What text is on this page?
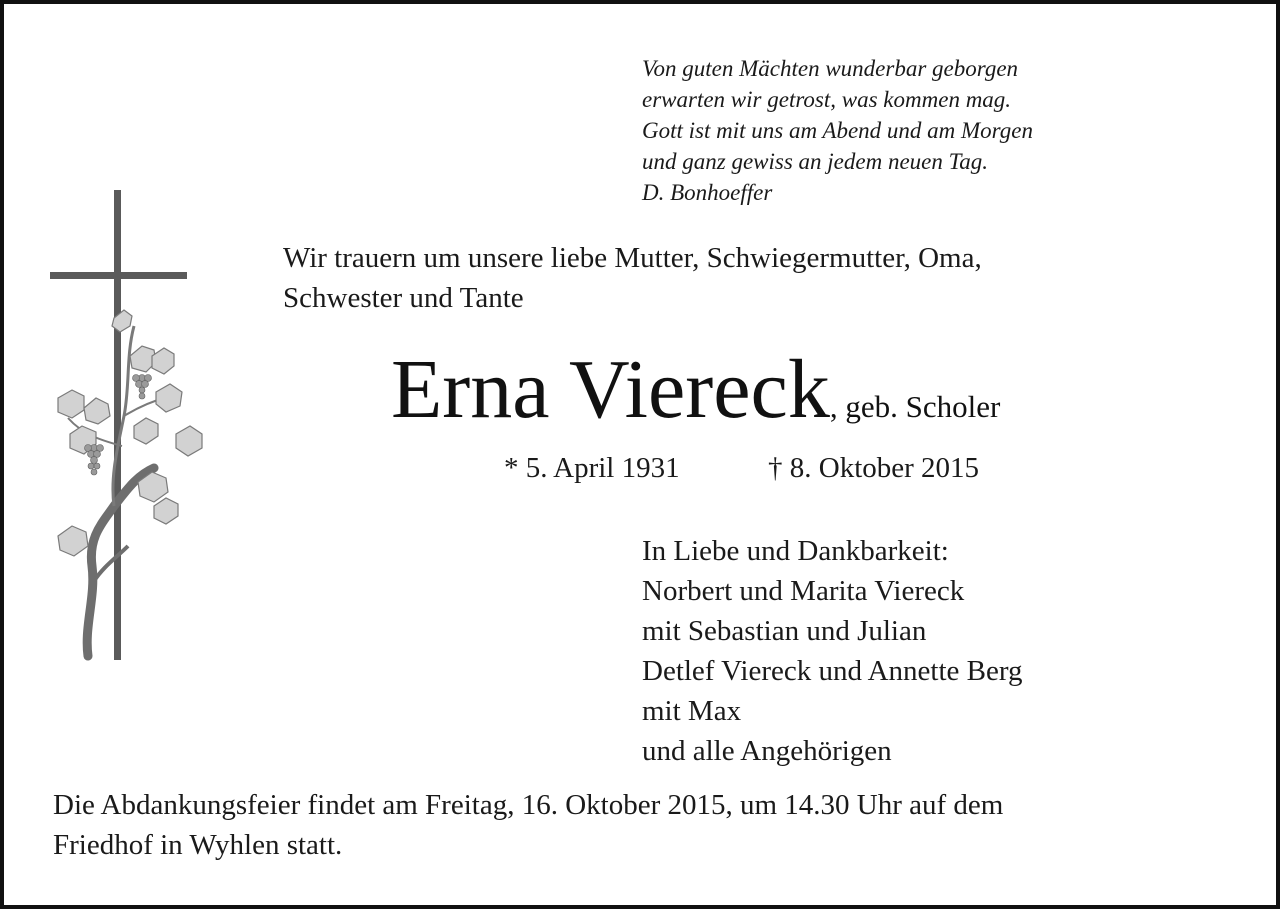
Von guten Mächten wunderbar geborgen
erwarten wir getrost, was kommen mag.
Gott ist mit uns am Abend und am Morgen
und ganz gewiss an jedem neuen Tag.
D. Bonhoeffer
Wir trauern um unsere liebe Mutter, Schwiegermutter, Oma,
Schwester und Tante
Erna Viereck, geb. Scholer
* 5. April 1931	† 8. Oktober 2015
In Liebe und Dankbarkeit:
Norbert und Marita Viereck
mit Sebastian und Julian
Detlef Viereck und Annette Berg
mit Max
und alle Angehörigen
Die Abdankungsfeier findet am Freitag, 16. Oktober 2015, um 14.30 Uhr auf dem
Friedhof in Wyhlen statt.
